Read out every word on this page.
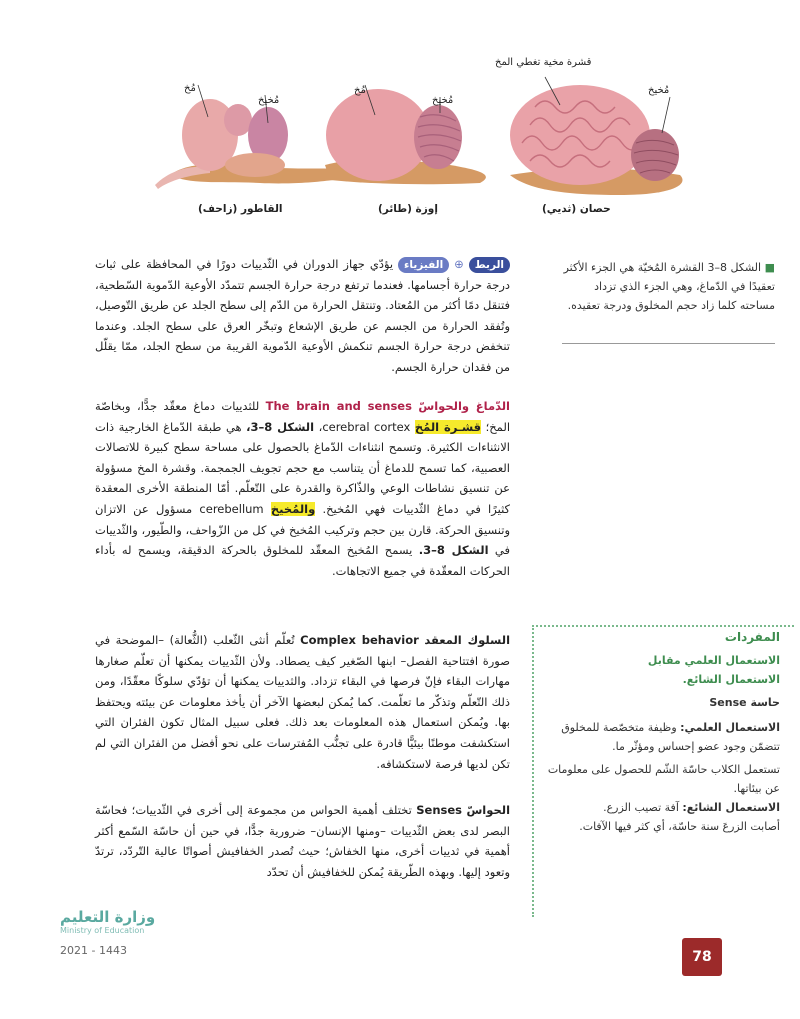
قشرة مخية تغطي المخ
مُخيخ
مُخ
مُخيخ
مُخ
مُخيخ
حصان (ثديي)
إوزة (طائر)
القاطور (زاحف)
■ الشكل 8–3 القشرة المُخيّة هي الجزء الأكثر تعقيدًا في الدّماغ، وهي الجزء الذي تزداد مساحته كلما زاد حجم المخلوق ودرجة تعقيده.
الربط ⊕ الفيزياء يؤدّي جهاز الدوران في الثّدييات دورًا في المحافظة على ثبات درجة حرارة أجسامها. فعندما ترتفع درجة حرارة الجسم تتمدّد الأوعية الدّموية السّطحية، فتنقل دمًا أكثر من المُعتاد. وتنتقل الحرارة من الدّم إلى سطح الجلد عن طريق التّوصيل، وتُفقد الحرارة من الجسم عن طريق الإشعاع وتبخّر العرق على سطح الجلد. وعندما تنخفض درجة حرارة الجسم تنكمش الأوعية الدّموية القريبة من سطح الجلد، ممّا يقلّل من فقدان حرارة الجسم.
الدّماغ والحواسّ The brain and senses للثدييات دماغ معقّد جدًّا، وبخاصّة المخ؛ قشـرة المُخ cerebral cortex، الشكل 8–3، هي طبقة الدّماغ الخارجية ذات الانثناءات الكثيرة. وتسمح انثناءات الدّماغ بالحصول على مساحة سطح كبيرة للاتصالات العصبية، كما تسمح للدماغ أن يتناسب مع حجم تجويف الجمجمة. وقشرة المخ مسؤولة عن تنسيق نشاطات الوعي والذّاكرة والقدرة على التّعلّم. أمّا المنطقة الأخرى المعقدة كثيرًا في دماغ الثّدييات فهي المُخيخ. والمُخيخ cerebellum مسؤول عن الاتزان وتنسيق الحركة. قارن بين حجم وتركيب المُخيخ في كل من الزّواحف، والطّيور، والثّدييات في الشكل 8–3. يسمح المُخيخ المعقّد للمخلوق بالحركة الدقيقة، ويسمح له بأداء الحركات المعقّدة في جميع الاتجاهات.
السلوك المعقد Complex behavior تُعلّم أنثى الثّعلب (الثُّعالة) –الموضحة في صورة افتتاحية الفصل– ابنها الصّغير كيف يصطاد. ولأن الثّدييات يمكنها أن تعلّم صغارها مهارات البقاء فإنّ فرصها في البقاء تزداد. والثدييات يمكنها أن تؤدّي سلوكًا معقّدًا، ومن ذلك التّعلّم وتذكّر ما تعلّمت. كما يُمكن لبعضها الآخر أن يأخذ معلومات عن بيئته ويحتفظ بها. ويُمكن استعمال هذه المعلومات بعد ذلك. فعلى سبيل المثال تكون الفئران التي استكشفت موطنًا بيئيًّا قادرة على تجنُّب المُفترسات على نحو أفضل من الفئران التي لم تكن لديها فرصة لاستكشافه.
الحواسّ Senses تختلف أهمية الحواس من مجموعة إلى أخرى في الثّدييات؛ فحاسّة البصر لدى بعض الثّدييات –ومنها الإنسان– ضرورية جدًّا، في حين أن حاسّة السّمع أكثر أهمية في ثدييات أخرى، منها الخفاش؛ حيث تُصدر الخفافيش أصواتًا عالية التّردّد، ترتدّ وتعود إليها. وبهذه الطّريقة يُمكن للخفافيش أن تحدّد
المفردات
الاستعمال العلمي مقابل
الاستعمال الشائع.
حاسة Sense
الاستعمال العلمي: وظيفة متخصّصة للمخلوق تتضمّن وجود عضو إحساس ومؤثّر ما.
تستعمل الكلاب حاسّة الشّم للحصول على معلومات عن بيئاتها.
الاستعمال الشائع: آفة تصيب الزرع.
أصابت الزرعَ سنة حاسّة، أي كثر فيها الآفات.
وزارة التعليم
Ministry of Education
2021 - 1443	78
